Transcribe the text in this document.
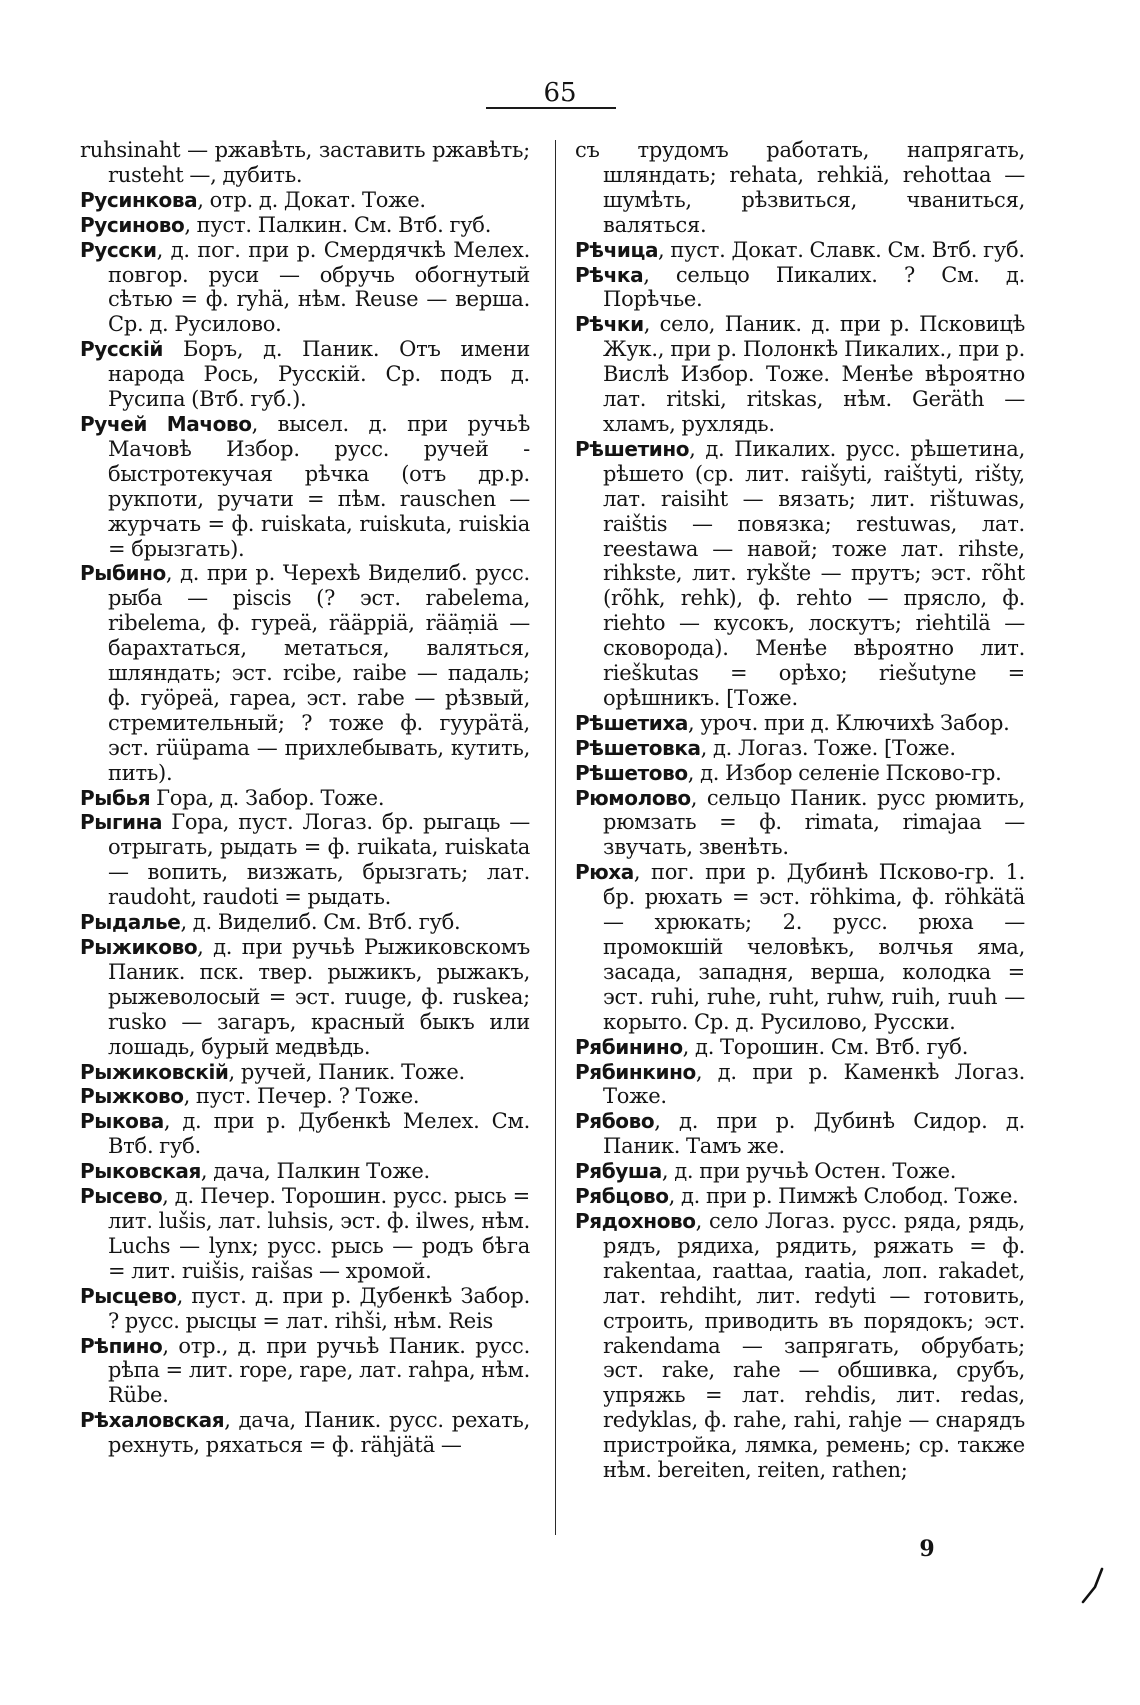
65
ruhsinaht — ржавѣть, заставить ржавѣть; rusteht —, дубить.
Русинкова, отр. д. Докат. Тоже.
Русиново, пуст. Палкин. См. Втб. губ.
Русски, д. пог. при р. Смердячкѣ Мелех. повгор. руси — обручь обогнутый сѣтью = ф. ryhä, нѣм. Reuse — верша. Ср. д. Русилово.
Русскій Боръ, д. Паник. Отъ имени народа Рось, Русскій. Ср. подъ д. Русипа (Втб. губ.).
Ручей Мачово, высел. д. при ручьѣ Мачовѣ Избор. русс. ручей - быстротекучая рѣчка (отъ др.р. рукпоти, ручати = пѣм. rauschen — журчать = ф. ruiskata, ruiskuta, ruiskia = брызгать).
Рыбино, д. при р. Черехѣ Виделиб. русс. рыба — piscis (? эст. rabelema, ribelema, ф. гуреä, rääppiä, rääṃiä — барахтаться, метаться, валяться, шляндать; эст. rcibe, raibe — падаль; ф. гуöреä, гареа, эст. rabe — рѣзвый, стремительный; ? тоже ф. гуурäтä, эст. rüüpama — прихлебывать, кутить, пить).
Рыбья Гора, д. Забор. Тоже.
Рыгина Гора, пуст. Логаз. бр. рыгаць — отрыгать, рыдать = ф. ruikata, ruiskata — вопить, визжать, брызгать; лат. raudoht, raudoti = рыдать.
Рыдалье, д. Виделиб. См. Втб. губ.
Рыжиково, д. при ручьѣ Рыжиковскомъ Паник. пск. твер. рыжикъ, рыжакъ, рыжеволосый = эст. ruuge, ф. ruskea; rusko — загаръ, красный быкъ или лошадь, бурый медвѣдь.
Рыжиковскій, ручей, Паник. Тоже.
Рыжково, пуст. Печер. ? Тоже.
Рыкова, д. при р. Дубенкѣ Мелех. См. Втб. губ.
Рыковская, дача, Палкин Тоже.
Рысево, д. Печер. Торошин. русс. рысь = лит. lušis, лат. luhsis, эст. ф. ilwes, нѣм. Luchs — lynx; русс. рысь — родъ бѣга = лит. ruišis, raišas — хромой.
Рысцево, пуст. д. при р. Дубенкѣ Забор. ? русс. рысцы = лат. rihši, нѣм. Reis
Рѣпино, отр., д. при ручьѣ Паник. русс. рѣпа = лит. rope, rape, лат. rahpa, нѣм. Rübe.
Рѣхаловская, дача, Паник. русс. рехать, рехнуть, ряхаться = ф. rähjätä —
съ трудомъ работать, напрягать, шляндать; rehata, rehkiä, rehottaa — шумѣть, рѣзвиться, чваниться, валяться.
Рѣчица, пуст. Докат. Славк. См. Втб. губ.
Рѣчка, сельцо Пикалих. ? См. д. Порѣчье.
Рѣчки, село, Паник. д. при р. Псковицѣ Жук., при р. Полонкѣ Пикалих., при р. Вислѣ Избор. Тоже. Менѣе вѣроятно лат. ritski, ritskas, нѣм. Geräth — хламъ, рухлядь.
Рѣшетино, д. Пикалих. русс. рѣшетина, рѣшето (ср. лит. raišyti, raištyti, rišty, лат. raisiht — вязать; лит. rištuwas, raištis — повязка; restuwas, лат. reestawa — навой; тоже лат. rihste, rihkste, лит. rykšte — прутъ; эст. rõht (rõhk, rehk), ф. rehto — прясло, ф. riehto — кусокъ, лоскутъ; riehtilä — сковорода). Менѣе вѣроятно лит. rieškutas = орѣхо; riešutyne = орѣшникъ. [Тоже.
Рѣшетиха, уроч. при д. Ключихѣ Забор.
Рѣшетовка, д. Логаз. Тоже. [Тоже.
Рѣшетово, д. Избор селеніе Псково-гр.
Рюмолово, сельцо Паник. русс рюмить, рюмзать = ф. rimata, rimajaa — звучать, звенѣть.
Рюха, пог. при р. Дубинѣ Псково-гр. 1. бр. рюхать = эст. röhkima, ф. röhkätä — хрюкать; 2. русс. рюха — промокшій человѣкъ, волчья яма, засада, западня, верша, колодка = эст. ruhi, ruhe, ruht, ruhw, ruih, ruuh — корыто. Ср. д. Русилово, Русски.
Рябинино, д. Торошин. См. Втб. губ.
Рябинкино, д. при р. Каменкѣ Логаз. Тоже.
Рябово, д. при р. Дубинѣ Сидор. д. Паник. Тамъ же.
Рябуша, д. при ручьѣ Остен. Тоже.
Рябцово, д. при р. Пимжѣ Слобод. Тоже.
Рядохново, село Логаз. русс. ряда, рядь, рядъ, рядиха, рядить, ряжать = ф. rakentaa, raattaa, raatia, лоп. rakadet, лат. rehdiht, лит. redyti — готовить, строить, приводить въ порядокъ; эст. rakendama — запрягать, обрубать; эст. rake, rahe — обшивка, срубъ, упряжь = лат. rehdis, лит. redas, redyklas, ф. rahe, rahi, rahje — снарядъ пристройка, лямка, ремень; ср. также нѣм. bereiten, reiten, rathen;
9
